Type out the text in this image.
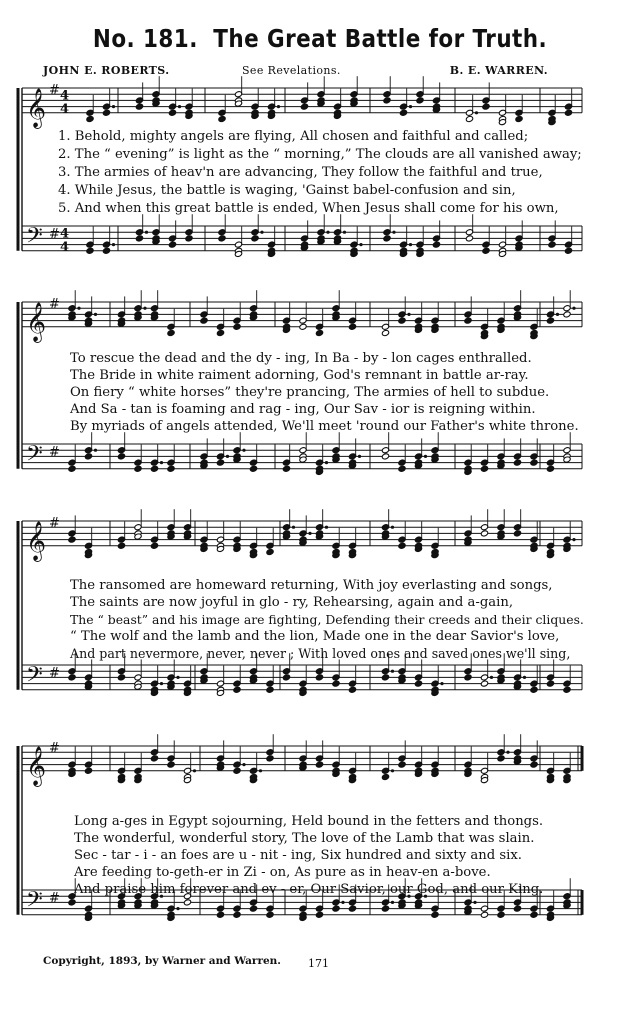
No. 181. The Great Battle for Truth.
JOHN E. ROBERTS.	See Revelations.	B. E. WARREN.
𝄞
𝄢
#
#
4
4
4
4
1. Behold, mighty angels are flying, All chosen and faithful and called;
2. The “ evening” is light as the “ morning,” The clouds are all vanished away;
3. The armies of heav'n are advancing, They follow the faithful and true,
4. While Jesus, the battle is waging, 'Gainst babel-confusion and sin,
5. And when this great battle is ended, When Jesus shall come for his own,
𝄞
𝄢
#
#
To rescue the dead and the dy - ing, In Ba - by - lon cages enthralled.
The Bride in white raiment adorning, God's remnant in battle ar-ray.
On fiery “ white horses” they're prancing, The armies of hell to subdue.
And Sa - tan is foaming and rag - ing, Our Sav - ior is reigning within.
By myriads of angels attended, We'll meet 'round our Father's white throne.
𝄞
𝄢
#
#
The ransomed are homeward returning, With joy everlasting and songs,
The saints are now joyful in glo - ry, Rehearsing, again and a-gain,
The “ beast” and his image are fighting, Defending their creeds and their cliques.
“ The wolf and the lamb and the lion, Made one in the dear Savior's love,
And part nevermore, never, never ; With loved ones and saved ones we'll sing,
𝄞
𝄢
#
#
Long a-ges in Egypt sojourning, Held bound in the fetters and thongs.
The wonderful, wonderful story, The love of the Lamb that was slain.
Sec - tar - i - an foes are u - nit - ing, Six hundred and sixty and six.
Are feeding to-geth-er in Zi - on, As pure as in heav-en a-bove.
And praise him forever and ev - er, Our Savior, our God, and our King.
Copyright, 1893, by Warner and Warren. 171
